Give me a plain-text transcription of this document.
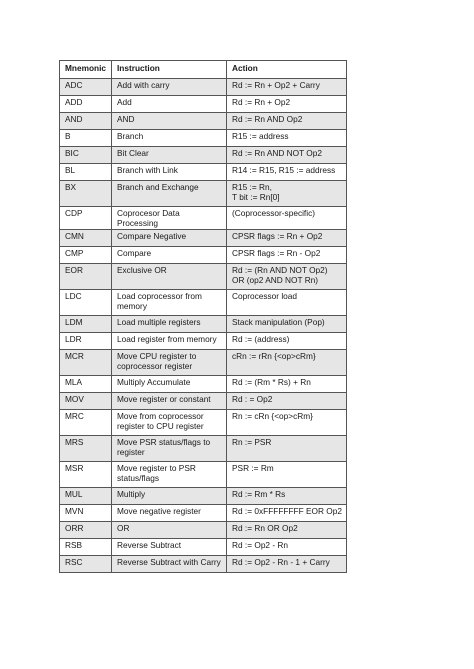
Mnemonic	Instruction	Action
ADC	Add with carry	Rd := Rn + Op2 + Carry
ADD	Add	Rd := Rn + Op2
AND	AND	Rd := Rn AND Op2
B	Branch	R15 := address
BIC	Bit Clear	Rd := Rn AND NOT Op2
BL	Branch with Link	R14 := R15, R15 := address
BX	Branch and Exchange	R15 := Rn,
T bit := Rn[0]
CDP	Coprocesor Data Processing	(Coprocessor-specific)
CMN	Compare Negative	CPSR flags := Rn + Op2
CMP	Compare	CPSR flags := Rn - Op2
EOR	Exclusive OR	Rd := (Rn AND NOT Op2)
OR (op2 AND NOT Rn)
LDC	Load coprocessor from
memory	Coprocessor load
LDM	Load multiple registers	Stack manipulation (Pop)
LDR	Load register from memory	Rd := (address)
MCR	Move CPU register to
coprocessor register	cRn := rRn {<op>cRm}
MLA	Multiply Accumulate	Rd := (Rm * Rs) + Rn
MOV	Move register or constant	Rd : = Op2
MRC	Move from coprocessor
register to CPU register	Rn := cRn {<op>cRm}
MRS	Move PSR status/flags to
register	Rn := PSR
MSR	Move register to PSR
status/flags	PSR := Rm
MUL	Multiply	Rd := Rm * Rs
MVN	Move negative register	Rd := 0xFFFFFFFF EOR Op2
ORR	OR	Rd := Rn OR Op2
RSB	Reverse Subtract	Rd := Op2 - Rn
RSC	Reverse Subtract with Carry	Rd := Op2 - Rn - 1 + Carry
